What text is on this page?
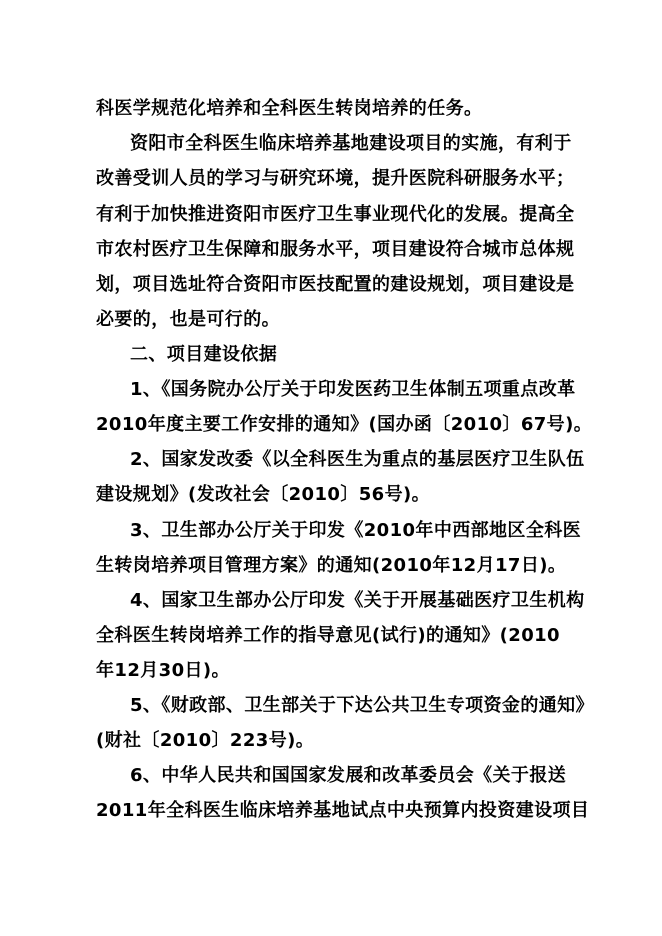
科医学规范化培养和全科医生转岗培养的任务。
资阳市全科医生临床培养基地建设项目的实施，有利于
改善受训人员的学习与研究环境，提升医院科研服务水平；
有利于加快推进资阳市医疗卫生事业现代化的发展。提高全
市农村医疗卫生保障和服务水平，项目建设符合城市总体规
划，项目选址符合资阳市医技配置的建设规划，项目建设是
必要的，也是可行的。
二、项目建设依据
1、《国务院办公厅关于印发医药卫生体制五项重点改革
2010年度主要工作安排的通知》(国办函〔2010〕67号)。
2、国家发改委《以全科医生为重点的基层医疗卫生队伍
建设规划》(发改社会〔2010〕56号)。
3、卫生部办公厅关于印发《2010年中西部地区全科医
生转岗培养项目管理方案》的通知(2010年12月17日)。
4、国家卫生部办公厅印发《关于开展基础医疗卫生机构
全科医生转岗培养工作的指导意见(试行)的通知》(2010
年12月30日)。
5、《财政部、卫生部关于下达公共卫生专项资金的通知》
(财社〔2010〕223号)。
6、中华人民共和国国家发展和改革委员会《关于报送
2011年全科医生临床培养基地试点中央预算内投资建设项目
